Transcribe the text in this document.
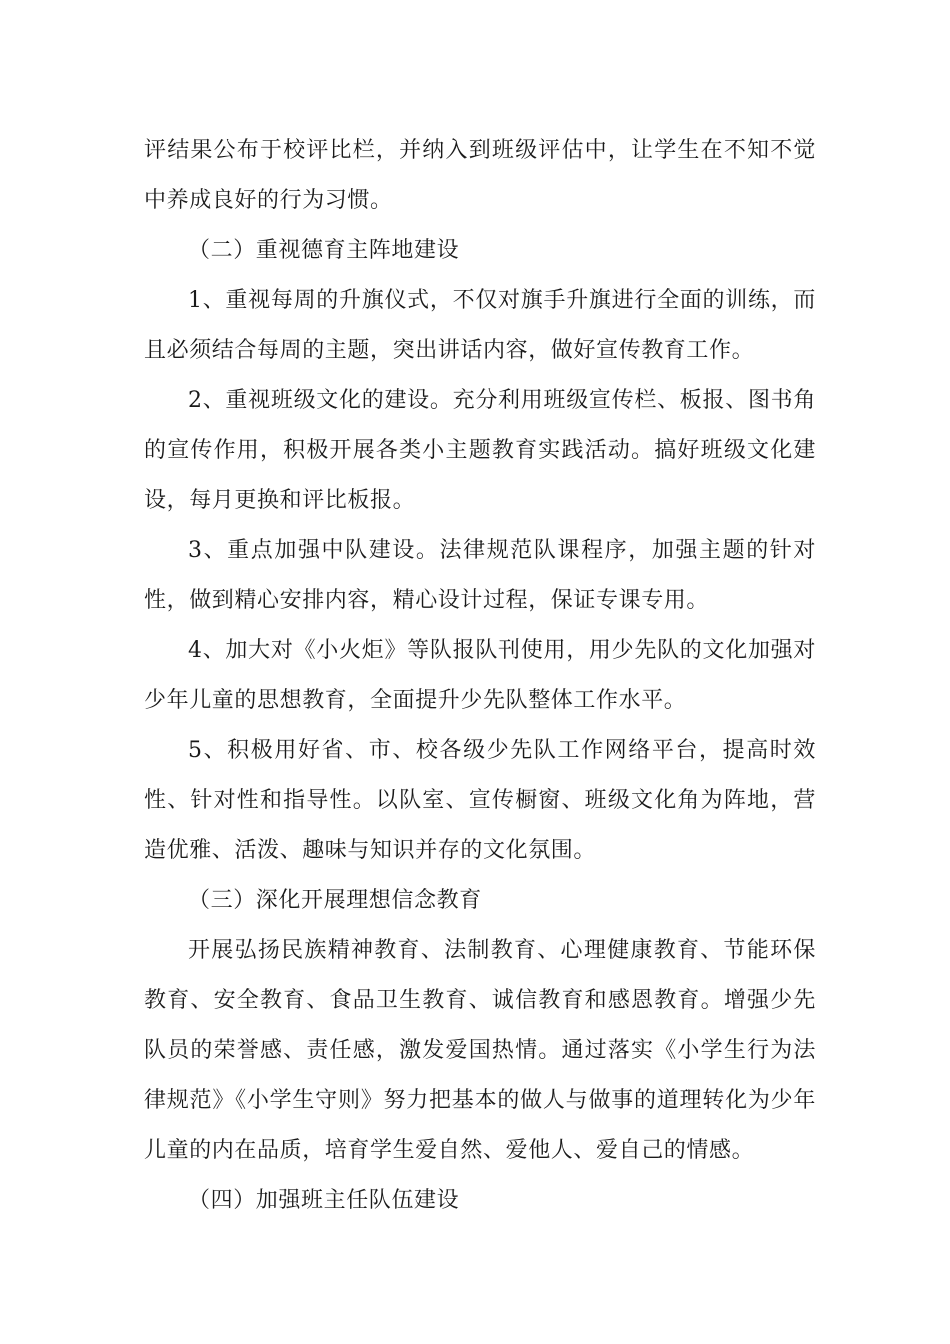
评结果公布于校评比栏，并纳入到班级评估中，让学生在不知不觉中养成良好的行为习惯。

（二）重视德育主阵地建设

1、重视每周的升旗仪式，不仅对旗手升旗进行全面的训练，而且必须结合每周的主题，突出讲话内容，做好宣传教育工作。

2、重视班级文化的建设。充分利用班级宣传栏、板报、图书角的宣传作用，积极开展各类小主题教育实践活动。搞好班级文化建设，每月更换和评比板报。

3、重点加强中队建设。法律规范队课程序，加强主题的针对性，做到精心安排内容，精心设计过程，保证专课专用。

4、加大对《小火炬》等队报队刊使用，用少先队的文化加强对少年儿童的思想教育，全面提升少先队整体工作水平。

5、积极用好省、市、校各级少先队工作网络平台，提高时效性、针对性和指导性。以队室、宣传橱窗、班级文化角为阵地，营造优雅、活泼、趣味与知识并存的文化氛围。

（三）深化开展理想信念教育

开展弘扬民族精神教育、法制教育、心理健康教育、节能环保教育、安全教育、食品卫生教育、诚信教育和感恩教育。增强少先队员的荣誉感、责任感，激发爱国热情。通过落实《小学生行为法律规范》《小学生守则》努力把基本的做人与做事的道理转化为少年儿童的内在品质，培育学生爱自然、爱他人、爱自己的情感。

（四）加强班主任队伍建设
